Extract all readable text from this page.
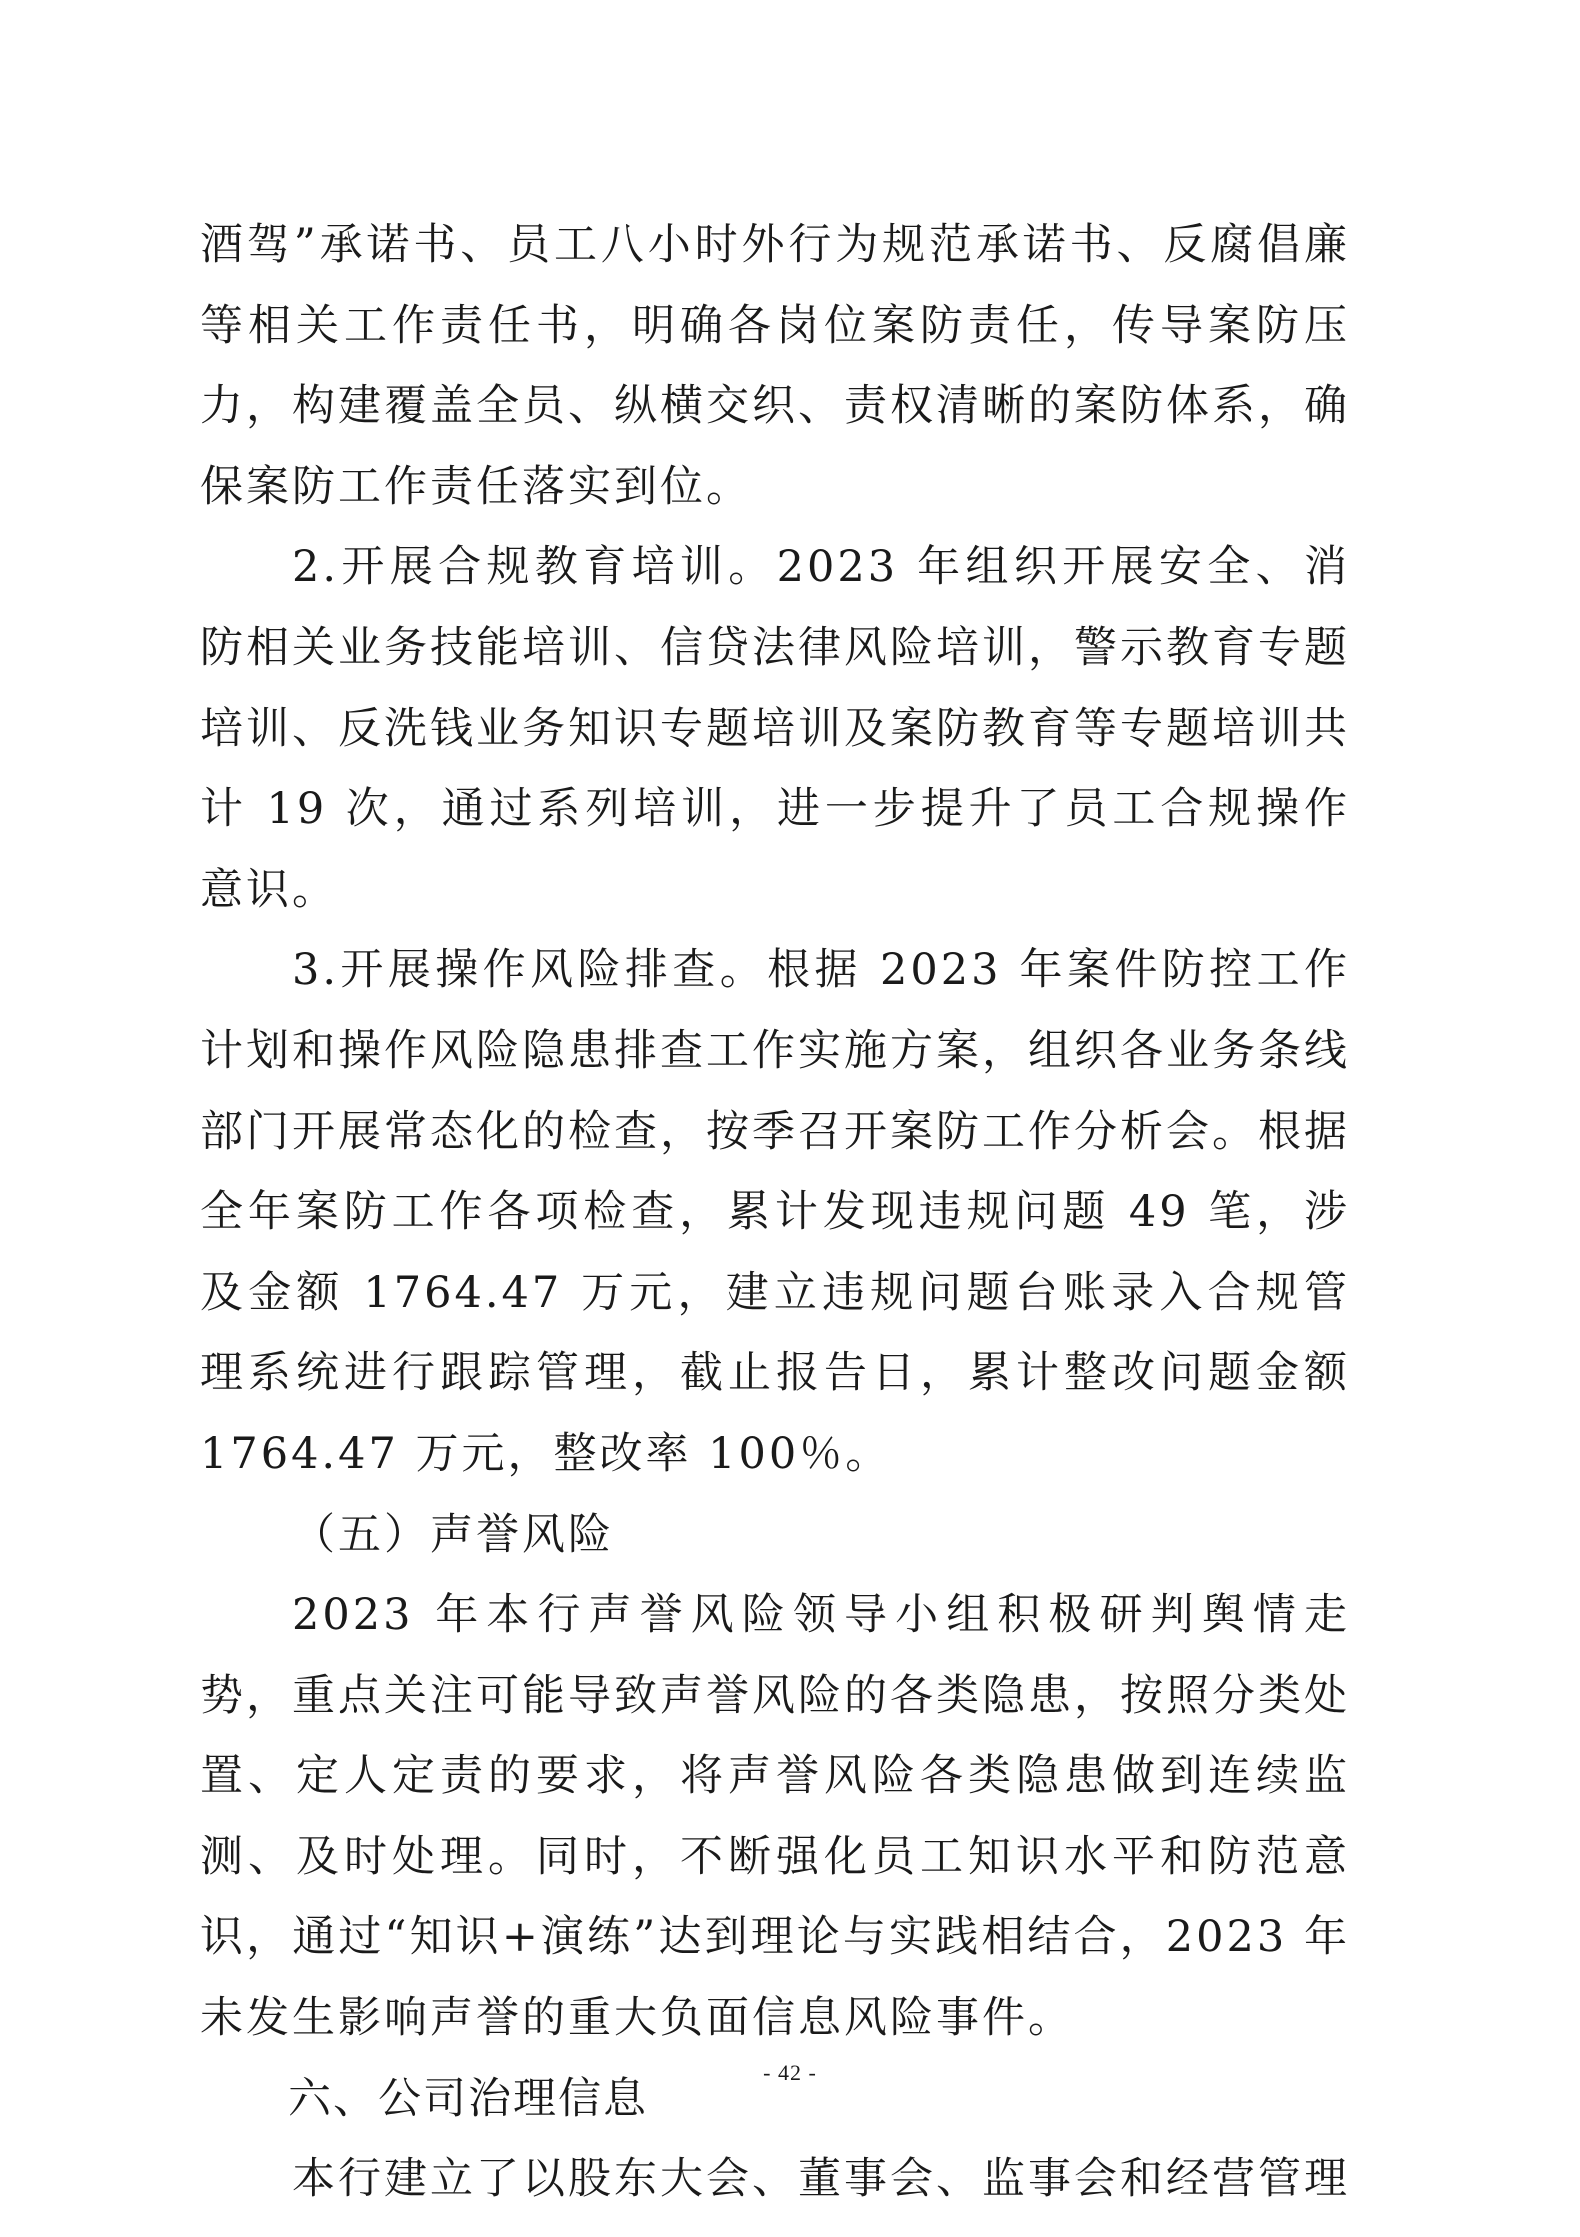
酒驾”承诺书、员工八小时外行为规范承诺书、反腐倡廉等相关工作责任书，明确各岗位案防责任，传导案防压力，构建覆盖全员、纵横交织、责权清晰的案防体系，确保案防工作责任落实到位。

2.开展合规教育培训。2023 年组织开展安全、消防相关业务技能培训、信贷法律风险培训，警示教育专题培训、反洗钱业务知识专题培训及案防教育等专题培训共计 19 次，通过系列培训，进一步提升了员工合规操作意识。

3.开展操作风险排查。根据 2023 年案件防控工作计划和操作风险隐患排查工作实施方案，组织各业务条线部门开展常态化的检查，按季召开案防工作分析会。根据全年案防工作各项检查，累计发现违规问题 49 笔，涉及金额 1764.47 万元，建立违规问题台账录入合规管理系统进行跟踪管理，截止报告日，累计整改问题金额 1764.47 万元，整改率 100％。

（五）声誉风险

2023 年本行声誉风险领导小组积极研判舆情走势，重点关注可能导致声誉风险的各类隐患，按照分类处置、定人定责的要求，将声誉风险各类隐患做到连续监测、及时处理。同时，不断强化员工知识水平和防范意识，通过“知识+演练”达到理论与实践相结合，2023 年未发生影响声誉的重大负面信息风险事件。

六、公司治理信息

本行建立了以股东大会、董事会、监事会和经营管理

- 42 -
